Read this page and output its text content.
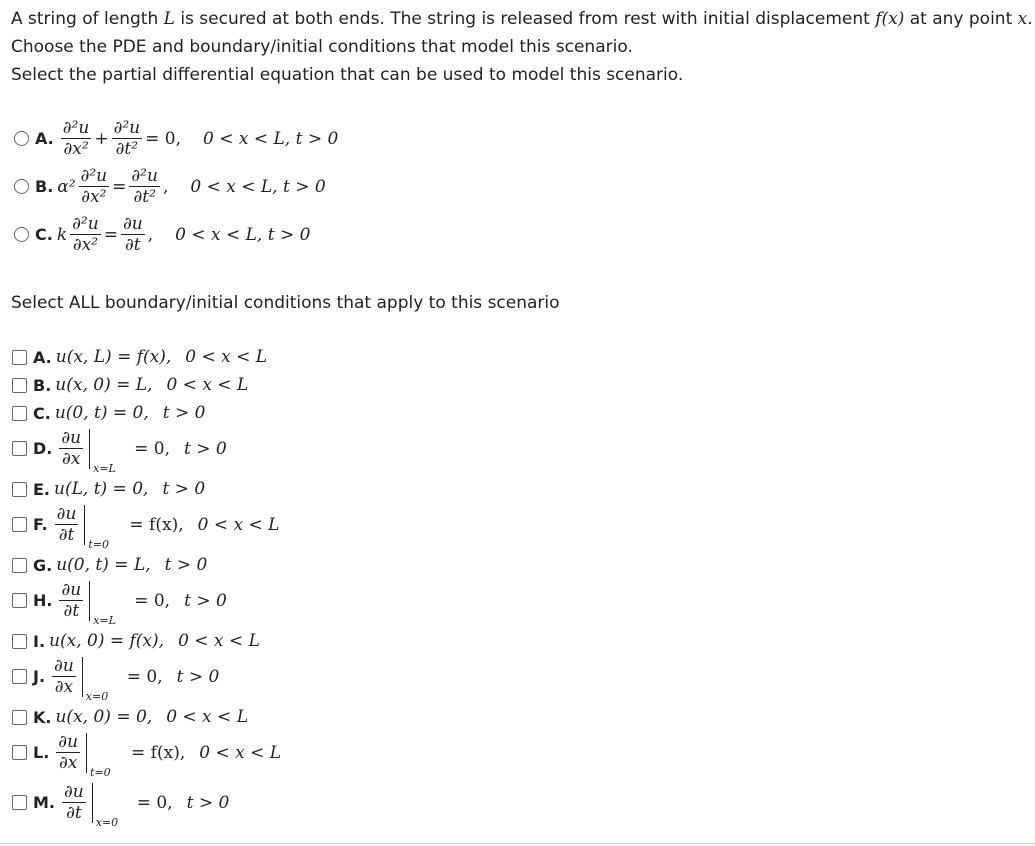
A string of length L is secured at both ends. The string is released from rest with initial displacement f(x) at any point x.

Choose the PDE and boundary/initial conditions that model this scenario.

Select the partial differential equation that can be used to model this scenario.

A. $\frac{\text{∂²u}}{\text{∂x²}} + \frac{\text{∂²u}}{\text{∂t²}} = 0$, 0 < x < L, t > 0
B. $\alpha^2 \frac{\text{∂²u}}{\text{∂x²}} = \frac{\text{∂²u}}{\text{∂t²}}$ , 0 < x < L, t > 0
C. k $\frac{\text{∂²u}}{\text{∂x²}} = \frac{\partial u}{\partial t}$ , 0 < x < L, t > 0
Select ALL boundary/initial conditions that apply to this scenario
A. u(x, L) = f(x), 0 < x < L
B. u(x, 0) = L, 0 < x < L
C. u(0, t) = 0, t > 0
D. $\frac{\partial u}{\partial x} x=L$
= 0, t > 0
E. u(L, t) = 0, t > 0
F. $\frac{\partial u}{\partial t} t=0$
= f(x), 0 < x < L
G. u(0, t) = L, t > 0
H. $\frac{\partial u}{\partial t} x=L$
= 0, t > 0
I. u(x, 0) = f(x), 0 < x < L
J. $\frac{\partial u}{\partial x} x=0$
= 0, t > 0
K. u(x, 0) = 0, 0 < x < L
L. $\frac{\partial u}{\partial x} t=0$
= f(x), 0 < x < L
M. $\frac{\partial u}{\partial t} x=0$
= 0, t > 0
